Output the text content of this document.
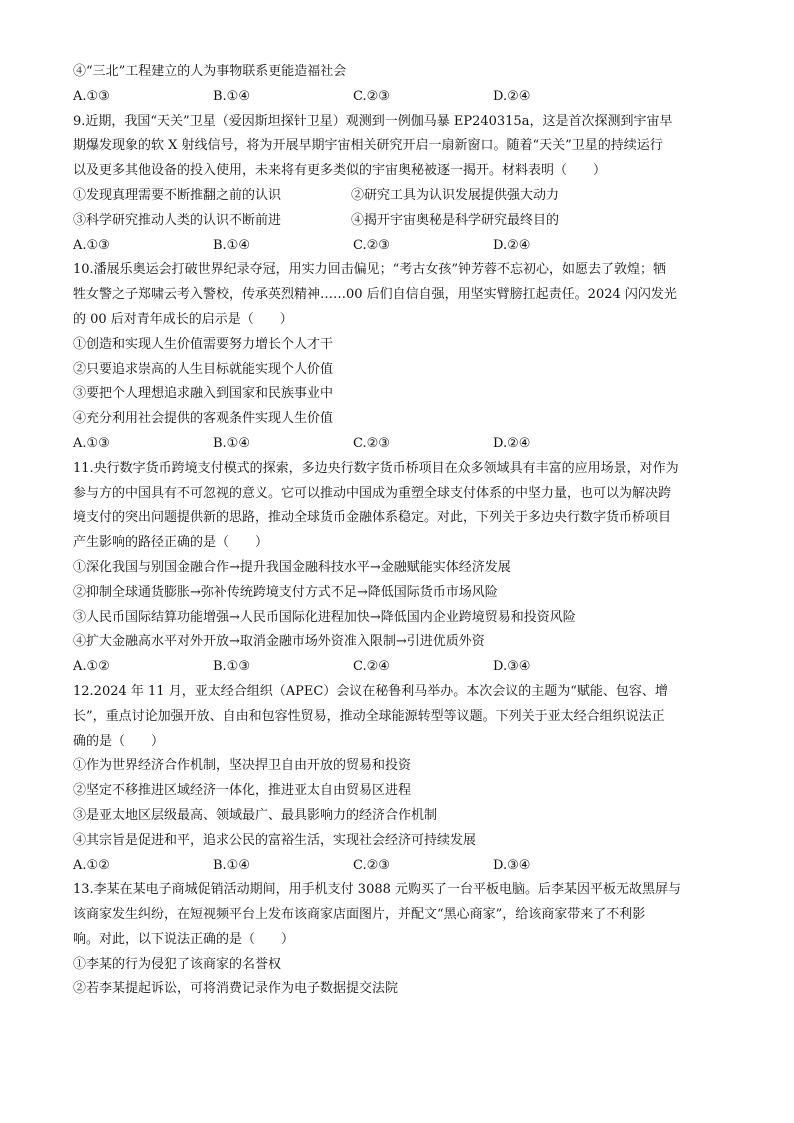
④“三北”工程建立的人为事物联系更能造福社会
A.①③	B.①④	C.②③	D.②④
9.近期，我国“天关”卫星（爱因斯坦探针卫星）观测到一例伽马暴 EP240315a，这是首次探测到宇宙早
期爆发现象的软 X 射线信号，将为开展早期宇宙相关研究开启一扇新窗口。随着“天关”卫星的持续运行
以及更多其他设备的投入使用，未来将有更多类似的宇宙奥秘被逐一揭开。材料表明（　　）
①发现真理需要不断推翻之前的认识	②研究工具为认识发展提供强大动力
③科学研究推动人类的认识不断前进	④揭开宇宙奥秘是科学研究最终目的
A.①③	B.①④	C.②③	D.②④
10.潘展乐奥运会打破世界纪录夺冠，用实力回击偏见；“考古女孩”钟芳蓉不忘初心，如愿去了敦煌；牺
牲女警之子郑啸云考入警校，传承英烈精神……00 后们自信自强，用坚实臂膀扛起责任。2024 闪闪发光
的 00 后对青年成长的启示是（　　）
①创造和实现人生价值需要努力增长个人才干
②只要追求崇高的人生目标就能实现个人价值
③要把个人理想追求融入到国家和民族事业中
④充分利用社会提供的客观条件实现人生价值
A.①③	B.①④	C.②③	D.②④
11.央行数字货币跨境支付模式的探索，多边央行数字货币桥项目在众多领域具有丰富的应用场景，对作为
参与方的中国具有不可忽视的意义。它可以推动中国成为重塑全球支付体系的中坚力量，也可以为解决跨
境支付的突出问题提供新的思路，推动全球货币金融体系稳定。对此，下列关于多边央行数字货币桥项目
产生影响的路径正确的是（　　）
①深化我国与别国金融合作→提升我国金融科技水平→金融赋能实体经济发展
②抑制全球通货膨胀→弥补传统跨境支付方式不足→降低国际货币市场风险
③人民币国际结算功能增强→人民币国际化进程加快→降低国内企业跨境贸易和投资风险
④扩大金融高水平对外开放→取消金融市场外资准入限制→引进优质外资
A.①②	B.①③	C.②④	D.③④
12.2024 年 11 月，亚太经合组织（APEC）会议在秘鲁利马举办。本次会议的主题为“赋能、包容、增
长”，重点讨论加强开放、自由和包容性贸易，推动全球能源转型等议题。下列关于亚太经合组织说法正
确的是（　　）
①作为世界经济合作机制，坚决捍卫自由开放的贸易和投资
②坚定不移推进区域经济一体化，推进亚太自由贸易区进程
③是亚太地区层级最高、领域最广、最具影响力的经济合作机制
④其宗旨是促进和平，追求公民的富裕生活，实现社会经济可持续发展
A.①②	B.①④	C.②③	D.③④
13.李某在某电子商城促销活动期间，用手机支付 3088 元购买了一台平板电脑。后李某因平板无故黑屏与
该商家发生纠纷，在短视频平台上发布该商家店面图片，并配文“黑心商家”，给该商家带来了不利影
响。对此，以下说法正确的是（　　）
①李某的行为侵犯了该商家的名誉权
②若李某提起诉讼，可将消费记录作为电子数据提交法院
